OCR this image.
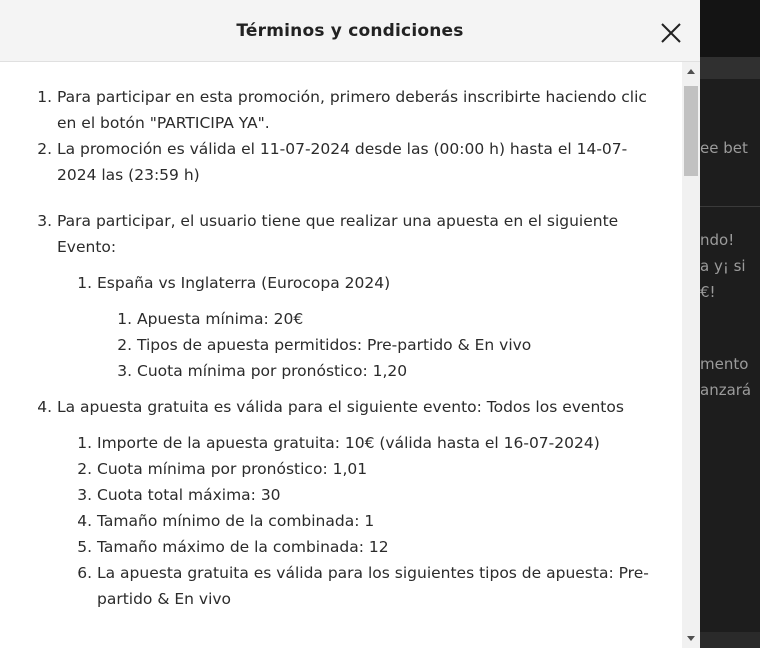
ee bet
ndo!
a y¡ si
€!
mento
anzará
Términos y condiciones
1. Para participar en esta promoción, primero deberás inscribirte haciendo clic en el botón "PARTICIPA YA".
2. La promoción es válida el 11-07-2024 desde las (00:00 h) hasta el 14-07-2024 las (23:59 h)
3. Para participar, el usuario tiene que realizar una apuesta en el siguiente Evento:
1. España vs Inglaterra (Eurocopa 2024)
1. Apuesta mínima: 20€
2. Tipos de apuesta permitidos: Pre-partido & En vivo
3. Cuota mínima por pronóstico: 1,20
4. La apuesta gratuita es válida para el siguiente evento: Todos los eventos
1. Importe de la apuesta gratuita: 10€ (válida hasta el 16-07-2024)
2. Cuota mínima por pronóstico: 1,01
3. Cuota total máxima: 30
4. Tamaño mínimo de la combinada: 1
5. Tamaño máximo de la combinada: 12
6. La apuesta gratuita es válida para los siguientes tipos de apuesta: Pre-partido & En vivo
